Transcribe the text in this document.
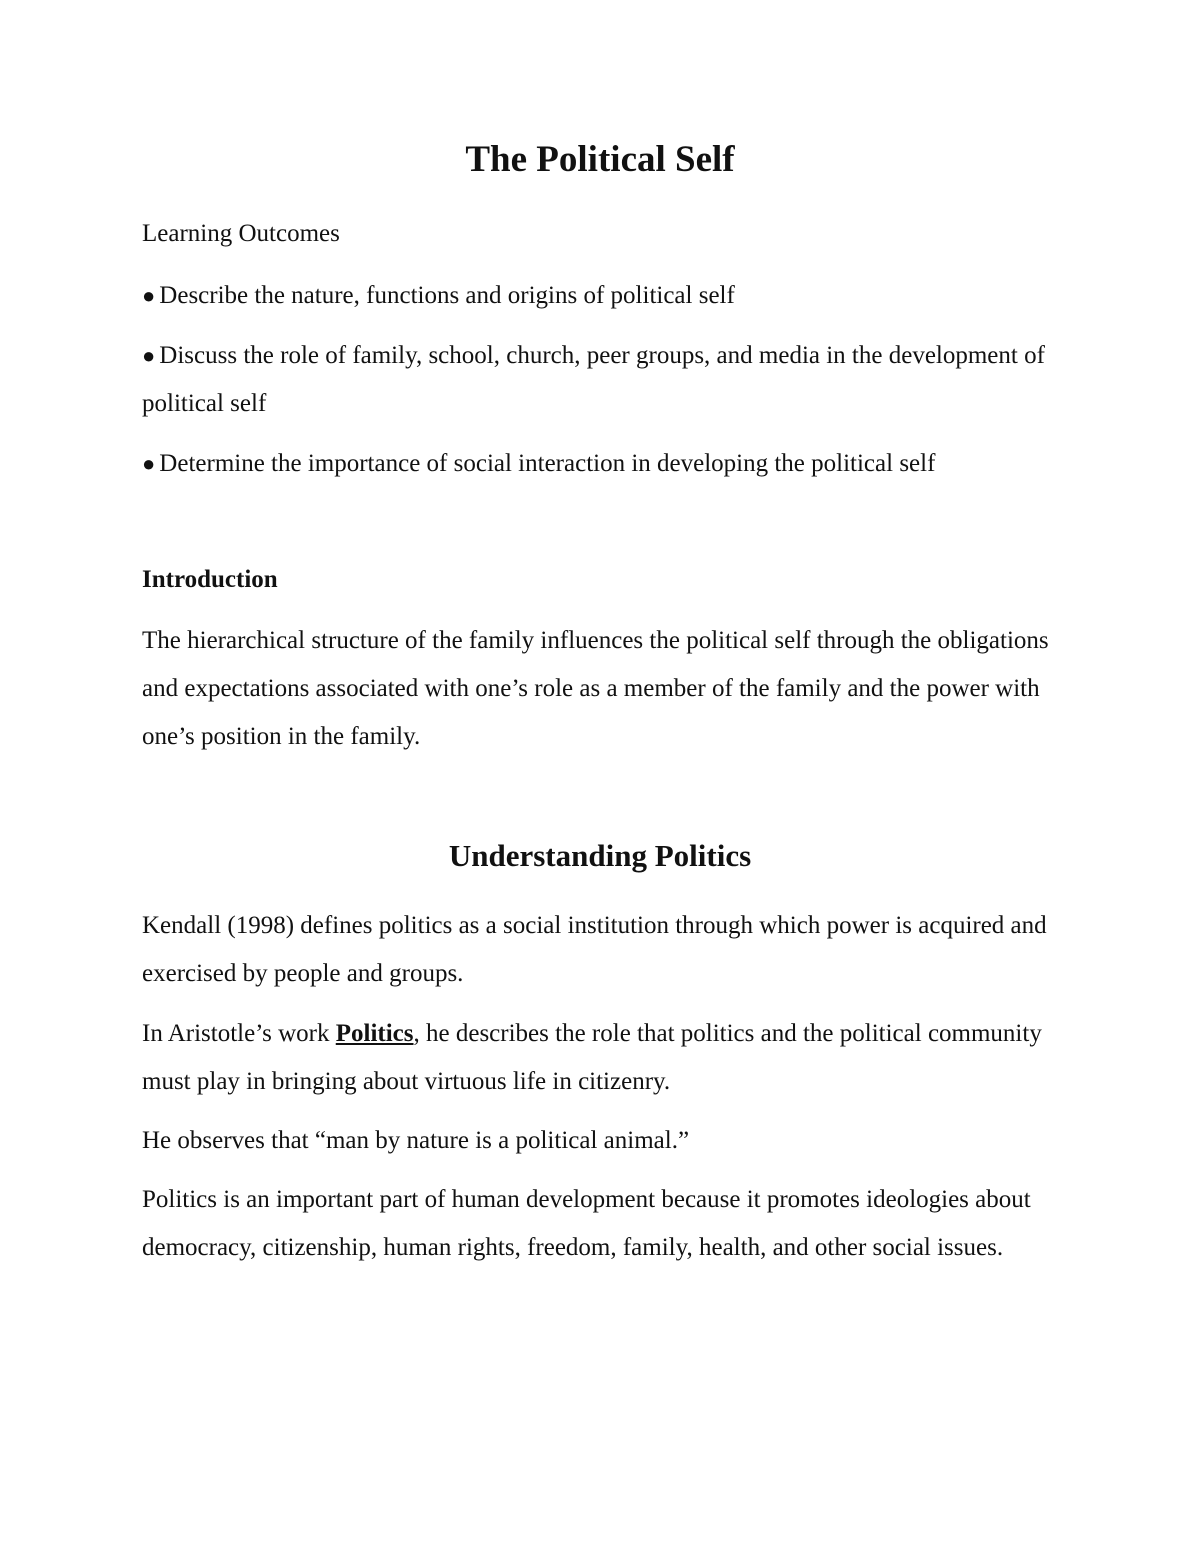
The Political Self

Learning Outcomes

● Describe the nature, functions and origins of political self

● Discuss the role of family, school, church, peer groups, and media in the development of political self

● Determine the importance of social interaction in developing the political self

Introduction

The hierarchical structure of the family influences the political self through the obligations and expectations associated with one’s role as a member of the family and the power with one’s position in the family.

Understanding Politics

Kendall (1998) defines politics as a social institution through which power is acquired and exercised by people and groups.

In Aristotle’s work Politics, he describes the role that politics and the political community must play in bringing about virtuous life in citizenry.

He observes that “man by nature is a political animal.”

Politics is an important part of human development because it promotes ideologies about democracy, citizenship, human rights, freedom, family, health, and other social issues.
